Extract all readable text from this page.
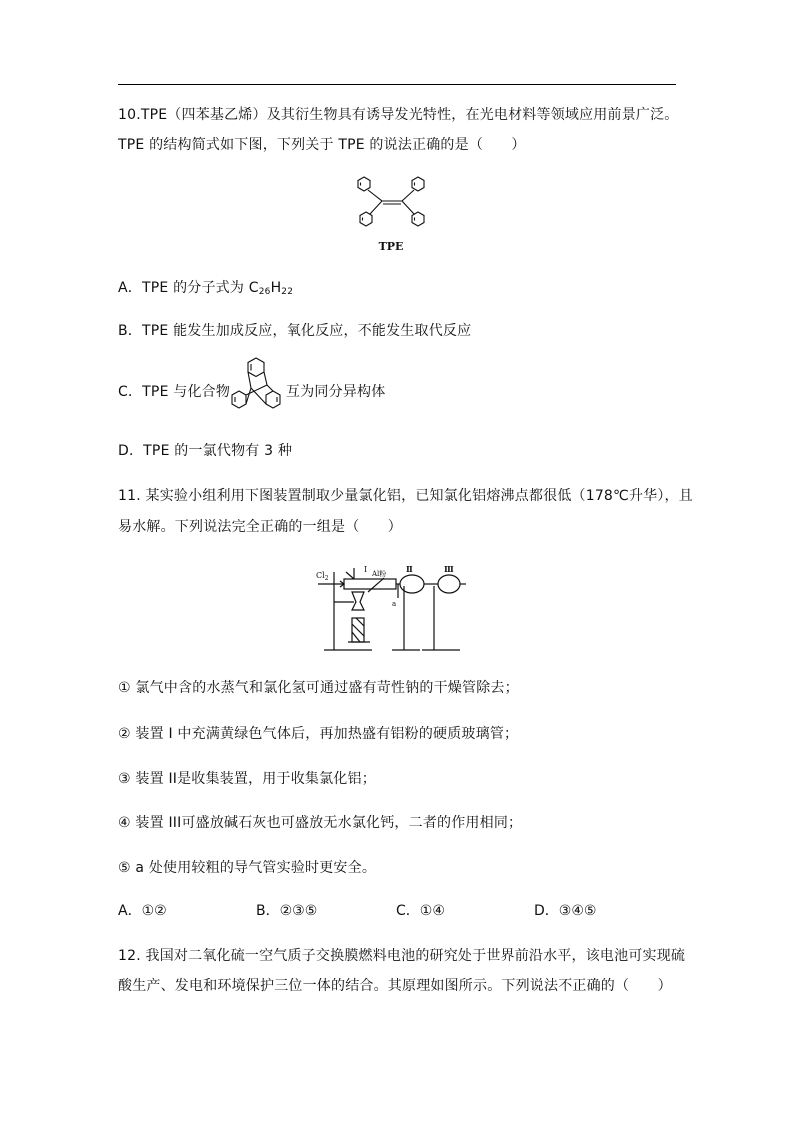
10.TPE（四苯基乙烯）及其衍生物具有诱导发光特性，在光电材料等领域应用前景广泛。
TPE 的结构简式如下图，下列关于 TPE 的说法正确的是（　　）
TPE
A．TPE 的分子式为 $C_{26}H_{22}$
B．TPE 能发生加成反应，氧化反应，不能发生取代反应
C．TPE 与化合物	互为同分异构体
D．TPE 的一氯代物有 3 种
11. 某实验小组利用下图装置制取少量氯化铝，已知氯化铝熔沸点都很低（178℃升华），且
易水解。下列说法完全正确的一组是（　　）
$Cl_2$
I Al粉 Ⅱ	Ⅲ
a
① 氯气中含的水蒸气和氯化氢可通过盛有苛性钠的干燥管除去；
② 装置 I 中充满黄绿色气体后，再加热盛有铝粉的硬质玻璃管；
③ 装置 II是收集装置，用于收集氯化铝；
④ 装置 III可盛放碱石灰也可盛放无水氯化钙，二者的作用相同；
⑤ a 处使用较粗的导气管实验时更安全。
A．①②	B．②③⑤	C．①④	D．③④⑤
12. 我国对二氧化硫一空气质子交换膜燃料电池的研究处于世界前沿水平，该电池可实现硫
酸生产、发电和环境保护三位一体的结合。其原理如图所示。下列说法不正确的（　　）
